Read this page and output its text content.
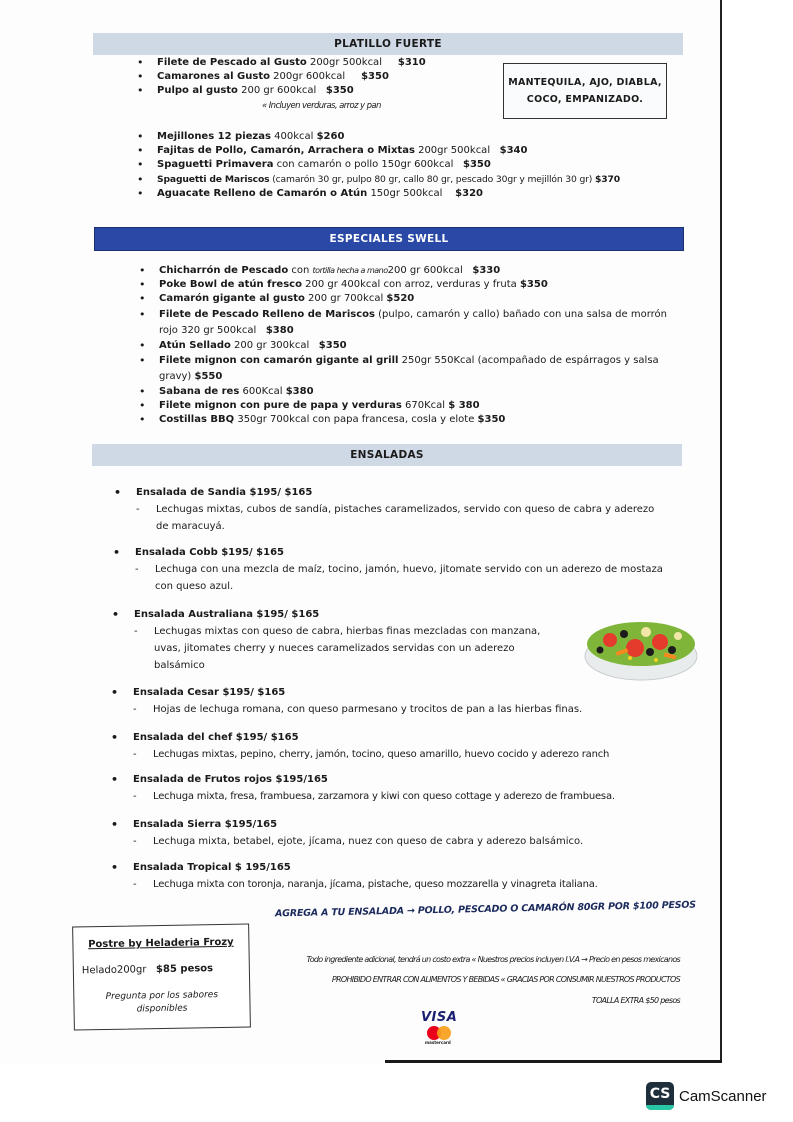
PLATILLO FUERTE
• Filete de Pescado al Gusto 200gr 500kcal $310
• Camarones al Gusto 200gr 600kcal $350
• Pulpo al gusto 200 gr 600kcal $350
« Incluyen verduras, arroz y pan
MANTEQUILA, AJO, DIABLA,
COCO, EMPANIZADO.
• Mejillones 12 piezas 400kcal $260
• Fajitas de Pollo, Camarón, Arrachera o Mixtas 200gr 500kcal $340
• Spaguetti Primavera con camarón o pollo 150gr 600kcal $350
• Spaguetti de Mariscos (camarón 30 gr, pulpo 80 gr, callo 80 gr, pescado 30gr y mejillón 30 gr) $370
• Aguacate Relleno de Camarón o Atún 150gr 500kcal $320
ESPECIALES SWELL
• Chicharrón de Pescado con tortilla hecha a mano200 gr 600kcal $330
• Poke Bowl de atún fresco 200 gr 400kcal con arroz, verduras y fruta $350
• Camarón gigante al gusto 200 gr 700kcal $520
• Filete de Pescado Relleno de Mariscos (pulpo, camarón y callo) bañado con una salsa de morrón rojo 320 gr 500kcal $380
• Atún Sellado 200 gr 300kcal $350
• Filete mignon con camarón gigante al grill 250gr 550Kcal (acompañado de espárragos y salsa gravy) $550
• Sabana de res 600Kcal $380
• Filete mignon con pure de papa y verduras 670Kcal $ 380
• Costillas BBQ 350gr 700kcal con papa francesa, cosla y elote $350
ENSALADAS
• Ensalada de Sandia $195/ $165
- Lechugas mixtas, cubos de sandía, pistaches caramelizados, servido con queso de cabra y aderezo de maracuyá.
• Ensalada Cobb $195/ $165
- Lechuga con una mezcla de maíz, tocino, jamón, huevo, jitomate servido con un aderezo de mostaza con queso azul.
• Ensalada Australiana $195/ $165
- Lechugas mixtas con queso de cabra, hierbas finas mezcladas con manzana, uvas, jitomates cherry y nueces caramelizados servidas con un aderezo balsámico
• Ensalada Cesar $195/ $165
- Hojas de lechuga romana, con queso parmesano y trocitos de pan a las hierbas finas.
• Ensalada del chef $195/ $165
- Lechugas mixtas, pepino, cherry, jamón, tocino, queso amarillo, huevo cocido y aderezo ranch
• Ensalada de Frutos rojos $195/165
- Lechuga mixta, fresa, frambuesa, zarzamora y kiwi con queso cottage y aderezo de frambuesa.
• Ensalada Sierra $195/165
- Lechuga mixta, betabel, ejote, jícama, nuez con queso de cabra y aderezo balsámico.
• Ensalada Tropical $ 195/165
- Lechuga mixta con toronja, naranja, jícama, pistache, queso mozzarella y vinagreta italiana.
AGREGA A TU ENSALADA → POLLO, PESCADO O CAMARÓN 80GR POR $100 PESOS
Postre by Heladeria Frozy
Helado200gr $85 pesos
Pregunta por los sabores disponibles
Todo ingrediente adicional, tendrá un costo extra « Nuestros precios incluyen I.V.A → Precio en pesos mexicanos
PROHIBIDO ENTRAR CON ALIMENTOS Y BEBIDAS « GRACIAS POR CONSUMIR NUESTROS PRODUCTOS
TOALLA EXTRA $50 pesos
VISA
mastercard
CS CamScanner
